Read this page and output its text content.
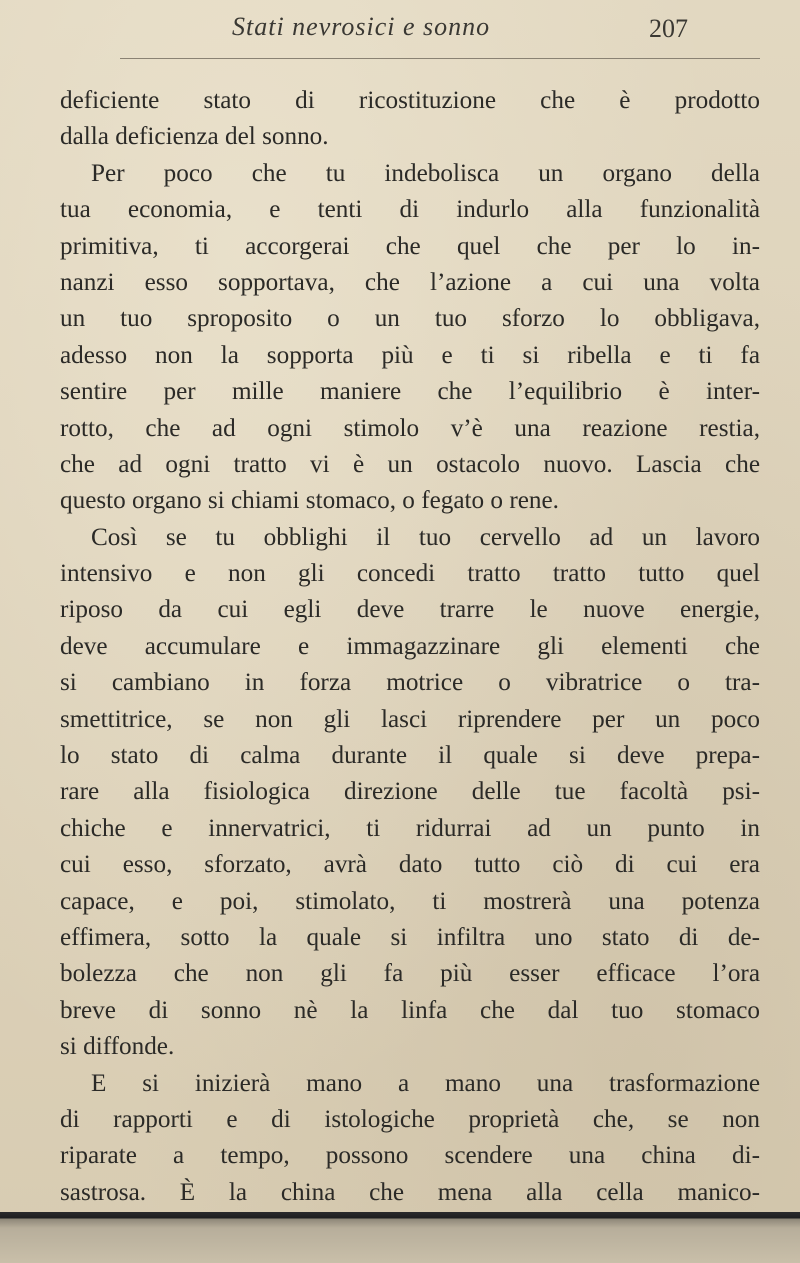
Stati nevrosici e sonno	207
deficiente stato di ricostituzione che è prodotto
dalla deficienza del sonno.
Per poco che tu indebolisca un organo della
tua economia, e tenti di indurlo alla funzionalità
primitiva, ti accorgerai che quel che per lo in-
nanzi esso sopportava, che l’azione a cui una volta
un tuo sproposito o un tuo sforzo lo obbligava,
adesso non la sopporta più e ti si ribella e ti fa
sentire per mille maniere che l’equilibrio è inter-
rotto, che ad ogni stimolo v’è una reazione restia,
che ad ogni tratto vi è un ostacolo nuovo. Lascia che
questo organo si chiami stomaco, o fegato o rene.
Così se tu obblighi il tuo cervello ad un lavoro
intensivo e non gli concedi tratto tratto tutto quel
riposo da cui egli deve trarre le nuove energie,
deve accumulare e immagazzinare gli elementi che
si cambiano in forza motrice o vibratrice o tra-
smettitrice, se non gli lasci riprendere per un poco
lo stato di calma durante il quale si deve prepa-
rare alla fisiologica direzione delle tue facoltà psi-
chiche e innervatrici, ti ridurrai ad un punto in
cui esso, sforzato, avrà dato tutto ciò di cui era
capace, e poi, stimolato, ti mostrerà una potenza
effimera, sotto la quale si infiltra uno stato di de-
bolezza che non gli fa più esser efficace l’ora
breve di sonno nè la linfa che dal tuo stomaco
si diffonde.
E si inizierà mano a mano una trasformazione
di rapporti e di istologiche proprietà che, se non
riparate a tempo, possono scendere una china di-
sastrosa. È la china che mena alla cella manico-
